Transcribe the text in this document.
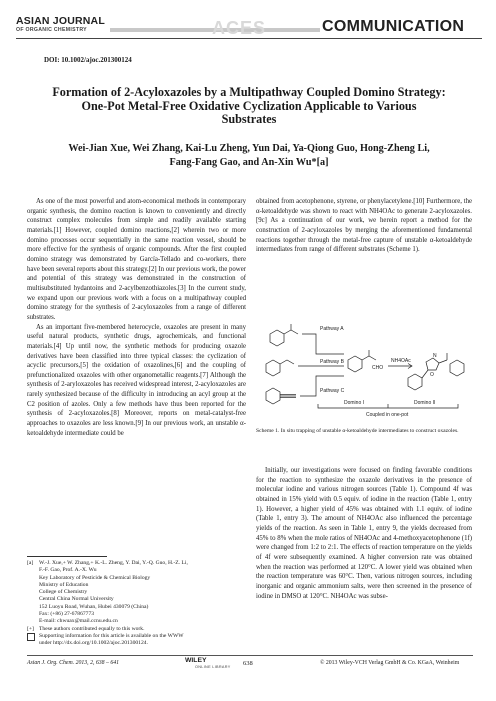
ASIAN JOURNAL
OF ORGANIC CHEMISTRY	ACES	COMMUNICATION
DOI: 10.1002/ajoc.201300124
Formation of 2-Acyloxazoles by a Multipathway Coupled Domino Strategy:
One-Pot Metal-Free Oxidative Cyclization Applicable to Various
Substrates
Wei-Jian Xue, Wei Zhang, Kai-Lu Zheng, Yun Dai, Ya-Qiong Guo, Hong-Zheng Li,
Fang-Fang Gao, and An-Xin Wu*[a]

As one of the most powerful and atom-economical methods in contemporary organic synthesis, the domino reaction is known to conveniently and directly construct complex molecules from simple and readily available starting materials.[1] However, coupled domino reactions,[2] wherein two or more domino processes occur sequentially in the same reaction vessel, should be more effective for the synthesis of organic compounds. After the first coupled domino strategy was demonstrated by García-Tellado and co-workers, there have been several reports about this strategy.[2] In our previous work, the power and potential of this strategy was demonstrated in the construction of multisubstituted hydantoins and 2-acylbenzothiazoles.[3] In the current study, we expand upon our previous work with a focus on a multipathway coupled domino strategy for the synthesis of 2-acyloxazoles from a range of different substrates.

As an important five-membered heterocycle, oxazoles are present in many useful natural products, synthetic drugs, agrochemicals, and functional materials.[4] Up until now, the synthetic methods for producing oxazole derivatives have been classified into three typical classes: the cyclization of acyclic precursors,[5] the oxidation of oxazolines,[6] and the coupling of prefunctionalized oxazoles with other organometallic reagents.[7] Although the synthesis of 2-aryloxazoles has received widespread interest, 2-acyloxazoles are rarely synthesized because of the difficulty in introducing an acyl group at the C2 position of azoles. Only a few methods have thus been reported for the synthesis of 2-acyloxazoles.[8] Moreover, reports on metal-catalyst-free approaches to oxazoles are less known.[9] In our previous work, an unstable α-ketoaldehyde intermediate could be

obtained from acetophenone, styrene, or phenylacetylene.[10] Furthermore, the α-ketoaldehyde was shown to react with NH4OAc to generate 2-acyloxazoles.[9c] As a continuation of our work, we herein report a method for the construction of 2-acyloxazoles by merging the aforementioned fundamental reactions together through the metal-free capture of unstable α-ketoaldehyde intermediates from range of different substrates (Scheme 1).

Pathway A
Pathway B
Pathway C
CHO
NH4OAc
N
O
Domino I	Domino II
Coupled in one-pot
Scheme 1. In situ trapping of unstable α-ketoaldehyde intermediates to construct oxazoles.

Initially, our investigations were focused on finding favorable conditions for the reaction to synthesize the oxazole derivatives in the presence of molecular iodine and various nitrogen sources (Table 1). Compound 4f was obtained in 15% yield with 0.5 equiv. of iodine in the reaction (Table 1, entry 1). However, a higher yield of 45% was obtained with 1.1 equiv. of iodine (Table 1, entry 3). The amount of NH4OAc also influenced the percentage yields of the reaction. As seen in Table 1, entry 9, the yields decreased from 45% to 8% when the mole ratios of NH4OAc and 4-methoxyacetophenone (1f) were changed from 1:2 to 2:1. The effects of reaction temperature on the yields of 4f were subsequently examined. A higher conversion rate was obtained when the reaction was performed at 120°C. A lower yield was obtained when the reaction temperature was 60°C. Then, various nitrogen sources, including inorganic and organic ammonium salts, were then screened in the presence of iodine in DMSO at 120°C. NH4OAc was subse-

[a]	W.-J. Xue,+ W. Zhang,+ K.-L. Zheng, Y. Dai, Y.-Q. Guo, H.-Z. Li,
F.-F. Gao, Prof. A.-X. Wu
Key Laboratory of Pesticide & Chemical Biology
Ministry of Education
College of Chemistry
Central China Normal University
152 Luoyu Road, Wuhan, Hubei 430079 (China)
Fax: (+86) 27-67867773
E-mail: chwuax@mail.ccnu.edu.cn
[+] These authors contributed equally to this work.
Supporting information for this article is available on the WWW
under http://dx.doi.org/10.1002/ajoc.201300124.
Asian J. Org. Chem. 2013, 2, 638 – 641	WILEY
ONLINE LIBRARY 638	© 2013 Wiley-VCH Verlag GmbH & Co. KGaA, Weinheim
